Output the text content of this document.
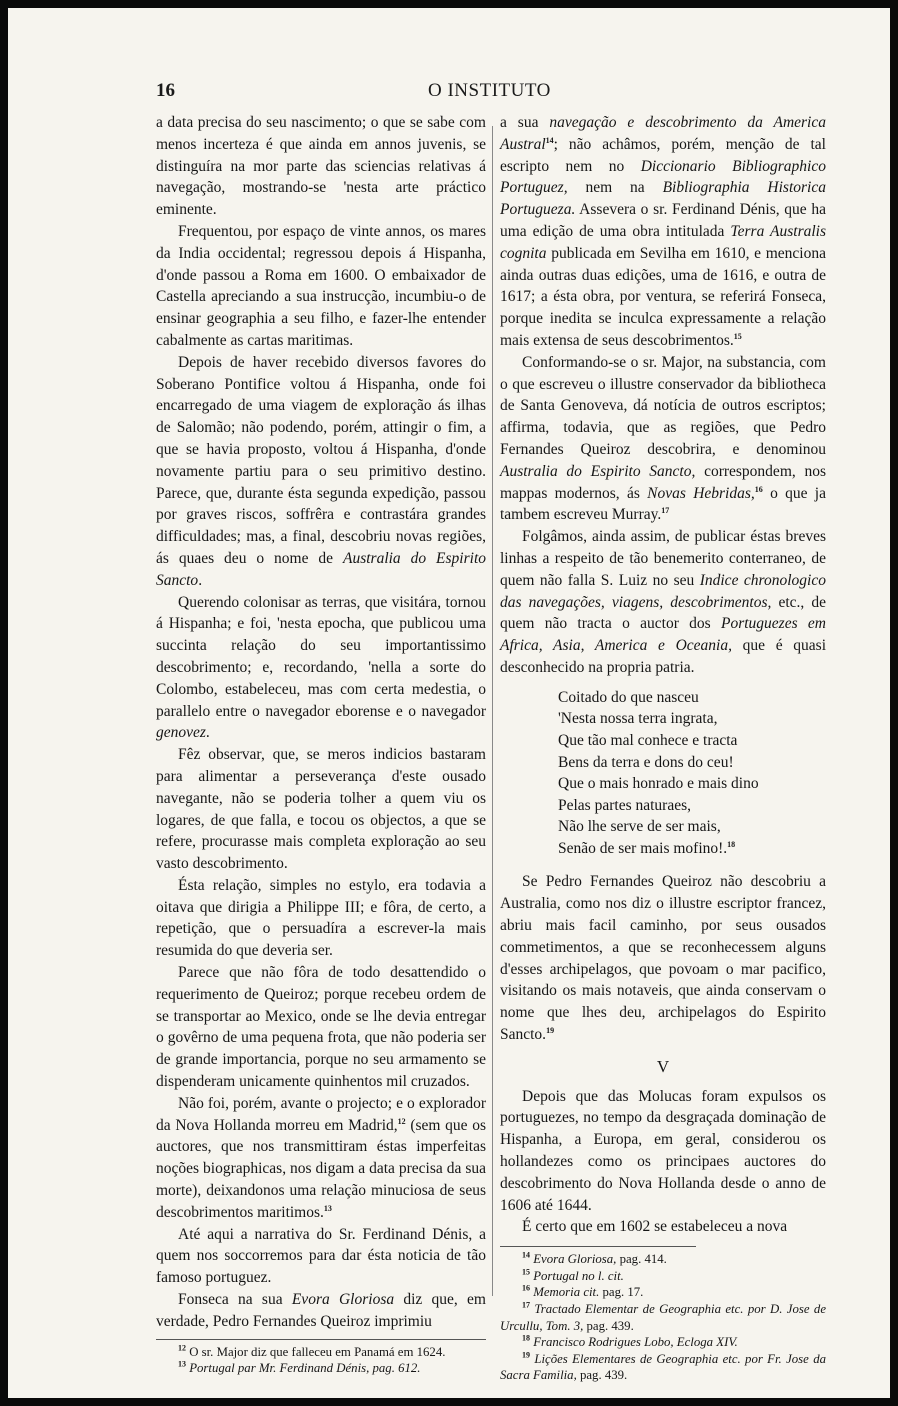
16	O INSTITUTO

a data precisa do seu nascimento; o que se sabe com menos incerteza é que ainda em annos juvenis, se distinguíra na mor parte das sciencias relativas á navegação, mostrando-se 'nesta arte práctico eminente.

Frequentou, por espaço de vinte annos, os mares da India occidental; regressou depois á Hispanha, d'onde passou a Roma em 1600. O embaixador de Castella apreciando a sua instrucção, incumbiu-o de ensinar geographia a seu filho, e fazer-lhe entender cabalmente as cartas maritimas.

Depois de haver recebido diversos favores do Soberano Pontifice voltou á Hispanha, onde foi encarregado de uma viagem de exploração ás ilhas de Salomão; não podendo, porém, attingir o fim, a que se havia proposto, voltou á Hispanha, d'onde novamente partiu para o seu primitivo destino. Parece, que, durante ésta segunda expedição, passou por graves riscos, soffrêra e contrastára grandes difficuldades; mas, a final, descobriu novas regiões, ás quaes deu o nome de Australia do Espirito Sancto.

Querendo colonisar as terras, que visitára, tornou á Hispanha; e foi, 'nesta epocha, que publicou uma succinta relação do seu importantissimo descobrimento; e, recordando, 'nella a sorte do Colombo, estabeleceu, mas com certa medestia, o parallelo entre o navegador eborense e o navegador genovez.

Fêz observar, que, se meros indicios bastaram para alimentar a perseverança d'este ousado navegante, não se poderia tolher a quem viu os logares, de que falla, e tocou os objectos, a que se refere, procurasse mais completa exploração ao seu vasto descobrimento.

Ésta relação, simples no estylo, era todavia a oitava que dirigia a Philippe III; e fôra, de certo, a repetição, que o persuadíra a escrever-la mais resumida do que deveria ser.

Parece que não fôra de todo desattendido o requerimento de Queiroz; porque recebeu ordem de se transportar ao Mexico, onde se lhe devia entregar o govêrno de uma pequena frota, que não poderia ser de grande importancia, porque no seu armamento se dispenderam unicamente quinhentos mil cruzados.

Não foi, porém, avante o projecto; e o explorador da Nova Hollanda morreu em Madrid,$^{12}$ (sem que os auctores, que nos transmittiram éstas imperfeitas noções biographicas, nos digam a data precisa da sua morte), deixandonos uma relação minuciosa de seus descobrimentos maritimos.$^{13}$

Até aqui a narrativa do Sr. Ferdinand Dénis, a quem nos soccorremos para dar ésta noticia de tão famoso portuguez.

Fonseca na sua Evora Gloriosa diz que, em verdade, Pedro Fernandes Queiroz imprimiu

$^{12}$ O sr. Major diz que falleceu em Panamá em 1624.

$^{13}$ Portugal par Mr. Ferdinand Dénis, pag. 612.

a sua navegação e descobrimento da America Austral$^{14}$; não achâmos, porém, menção de tal escripto nem no Diccionario Bibliographico Portuguez, nem na Bibliographia Historica Portugueza. Assevera o sr. Ferdinand Dénis, que ha uma edição de uma obra intitulada Terra Australis cognita publicada em Sevilha em 1610, e menciona ainda outras duas edições, uma de 1616, e outra de 1617; a ésta obra, por ventura, se referirá Fonseca, porque inedita se inculca expressamente a relação mais extensa de seus descobrimentos.$^{15}$

Conformando-se o sr. Major, na substancia, com o que escreveu o illustre conservador da bibliotheca de Santa Genoveva, dá notícia de outros escriptos; affirma, todavia, que as regiões, que Pedro Fernandes Queiroz descobrira, e denominou Australia do Espirito Sancto, correspondem, nos mappas modernos, ás Novas Hebridas,$^{16}$ o que ja tambem escreveu Murray.$^{17}$

Folgâmos, ainda assim, de publicar éstas breves linhas a respeito de tão benemerito conterraneo, de quem não falla S. Luiz no seu Indice chronologico das navegações, viagens, descobrimentos, etc., de quem não tracta o auctor dos Portuguezes em Africa, Asia, America e Oceania, que é quasi desconhecido na propria patria.

Coitado do que nasceu
'Nesta nossa terra ingrata,
Que tão mal conhece e tracta
Bens da terra e dons do ceu!
Que o mais honrado e mais dino
Pelas partes naturaes,
Não lhe serve de ser mais,
Senão de ser mais mofino!.$^{18}$

Se Pedro Fernandes Queiroz não descobriu a Australia, como nos diz o illustre escriptor francez, abriu mais facil caminho, por seus ousados commetimentos, a que se reconhecessem alguns d'esses archipelagos, que povoam o mar pacifico, visitando os mais notaveis, que ainda conservam o nome que lhes deu, archipelagos do Espirito Sancto.$^{19}$

V

Depois que das Molucas foram expulsos os portuguezes, no tempo da desgraçada dominação de Hispanha, a Europa, em geral, considerou os hollandezes como os principaes auctores do descobrimento do Nova Hollanda desde o anno de 1606 até 1644.

É certo que em 1602 se estabeleceu a nova

$^{14}$ Evora Gloriosa, pag. 414.

$^{15}$ Portugal no l. cit.

$^{16}$ Memoria cit. pag. 17.

$^{17}$ Tractado Elementar de Geographia etc. por D. Jose de Urcullu, Tom. 3, pag. 439.

$^{18}$ Francisco Rodrigues Lobo, Ecloga XIV.

$^{19}$ Lições Elementares de Geographia etc. por Fr. Jose da Sacra Familia, pag. 439.
